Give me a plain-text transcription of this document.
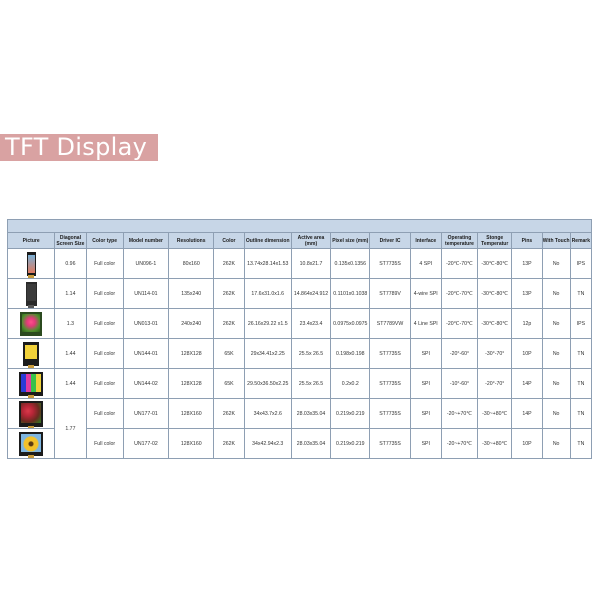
TFT Display

Picture	Diagonal Screen Size	Color type	Model number	Resolutions	Color	Outline dimension	Active area (mm)	Pixel size (mm)	Driver IC	Interface	Operating temperature	Stonge Temperatur	Pins	With Touch	Remark

	0.96	Full color	UN096-1	80x160	262K	13.74x28.14x1.53	10.8x21.7	0.135x0.1356	ST7735S	4 SPI	-20℃-70℃	-30℃-80℃	13P	No	IPS

	1.14	Full color	UN114-01	135x240	262K	17.6x31.0x1.6	14.864x24.912	0.1101x0.1038	ST7789V	4-wire SPI	-20℃-70℃	-30℃-80℃	13P	No	TN

	1.3	Full color	UN013-01	240x240	262K	26.16x29.22 x1.5	23.4x23.4	0.0975x0.0975	ST7789VW	4 Line SPI	-20℃-70℃	-30℃-80℃	12p	No	IPS

	1.44	Full color	UN144-01	128X128	65K	29x34.41x2.25	25.5x 26.5	0.198x0.198	ST7735S	SPI	-20°-60°	-30°-70°	10P	No	TN

	1.44	Full color	UN144-02	128X128	65K	29.50x36.50x2.25	25.5x 26.5	0.2x0.2	ST7735S	SPI	-10°-60°	-20°-70°	14P	No	TN

	1.77	Full color	UN177-01	128X160	262K	34x43.7x2.6	28.03x35.04	0.219x0.219	ST7735S	SPI	-20~+70℃	-30~+80℃	14P	No	TN

		Full color	UN177-02	128X160	262K	34x42.94x2.3	28.03x35.04	0.219x0.219	ST7735S	SPI	-20~+70℃	-30~+80℃	10P	No	TN
